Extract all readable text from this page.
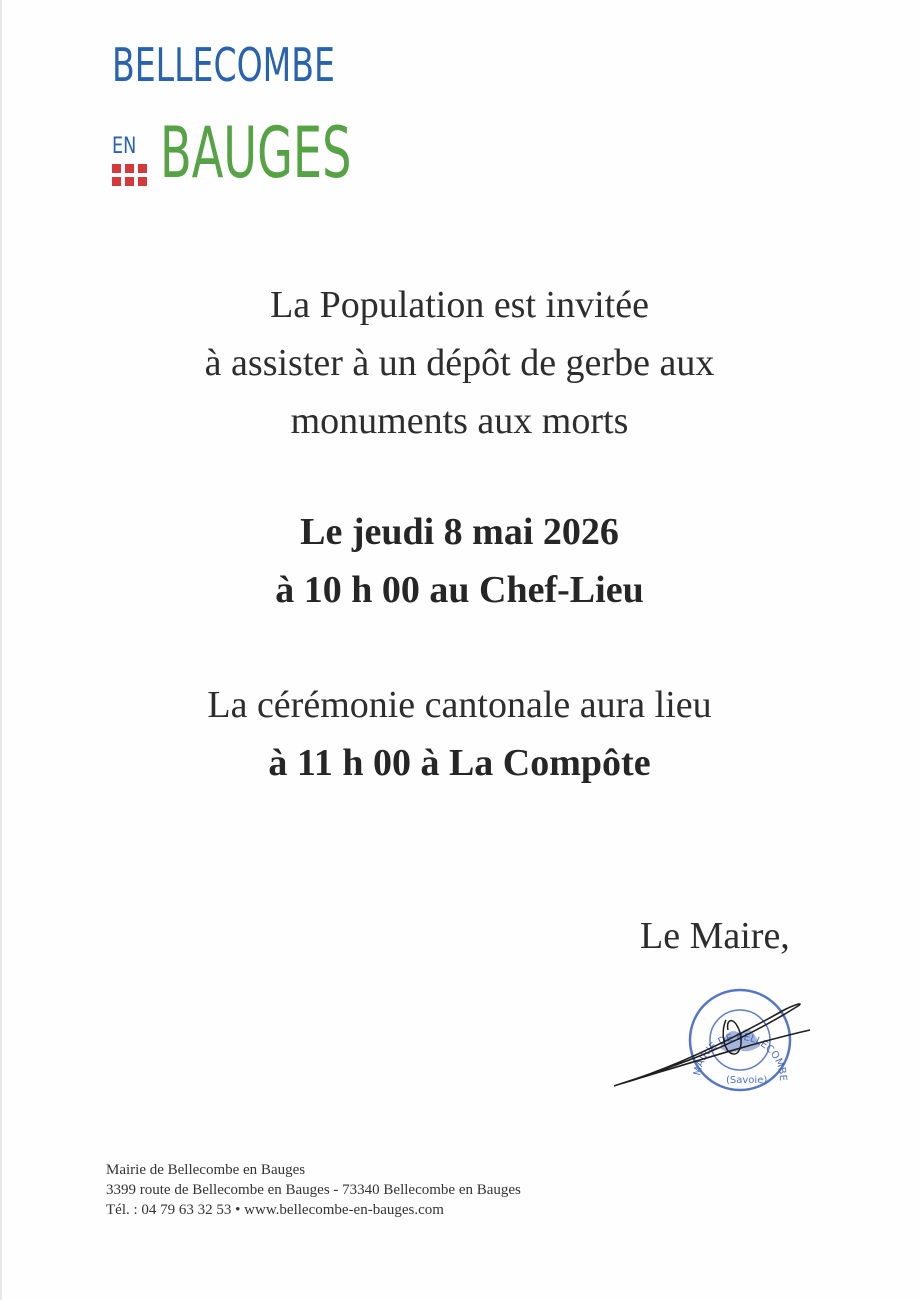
BELLECOMBE
EN BAUGES
La Population est invitée
à assister à un dépôt de gerbe aux
monuments aux morts
Le jeudi 8 mai 2026
à 10 h 00 au Chef-Lieu
La cérémonie cantonale aura lieu
à 11 h 00 à La Compôte
Le Maire,
MAIRIE DE BELLECOMBE
(Savoie)
Mairie de Bellecombe en Bauges
3399 route de Bellecombe en Bauges - 73340 Bellecombe en Bauges
Tél. : 04 79 63 32 53 • www.bellecombe-en-bauges.com
